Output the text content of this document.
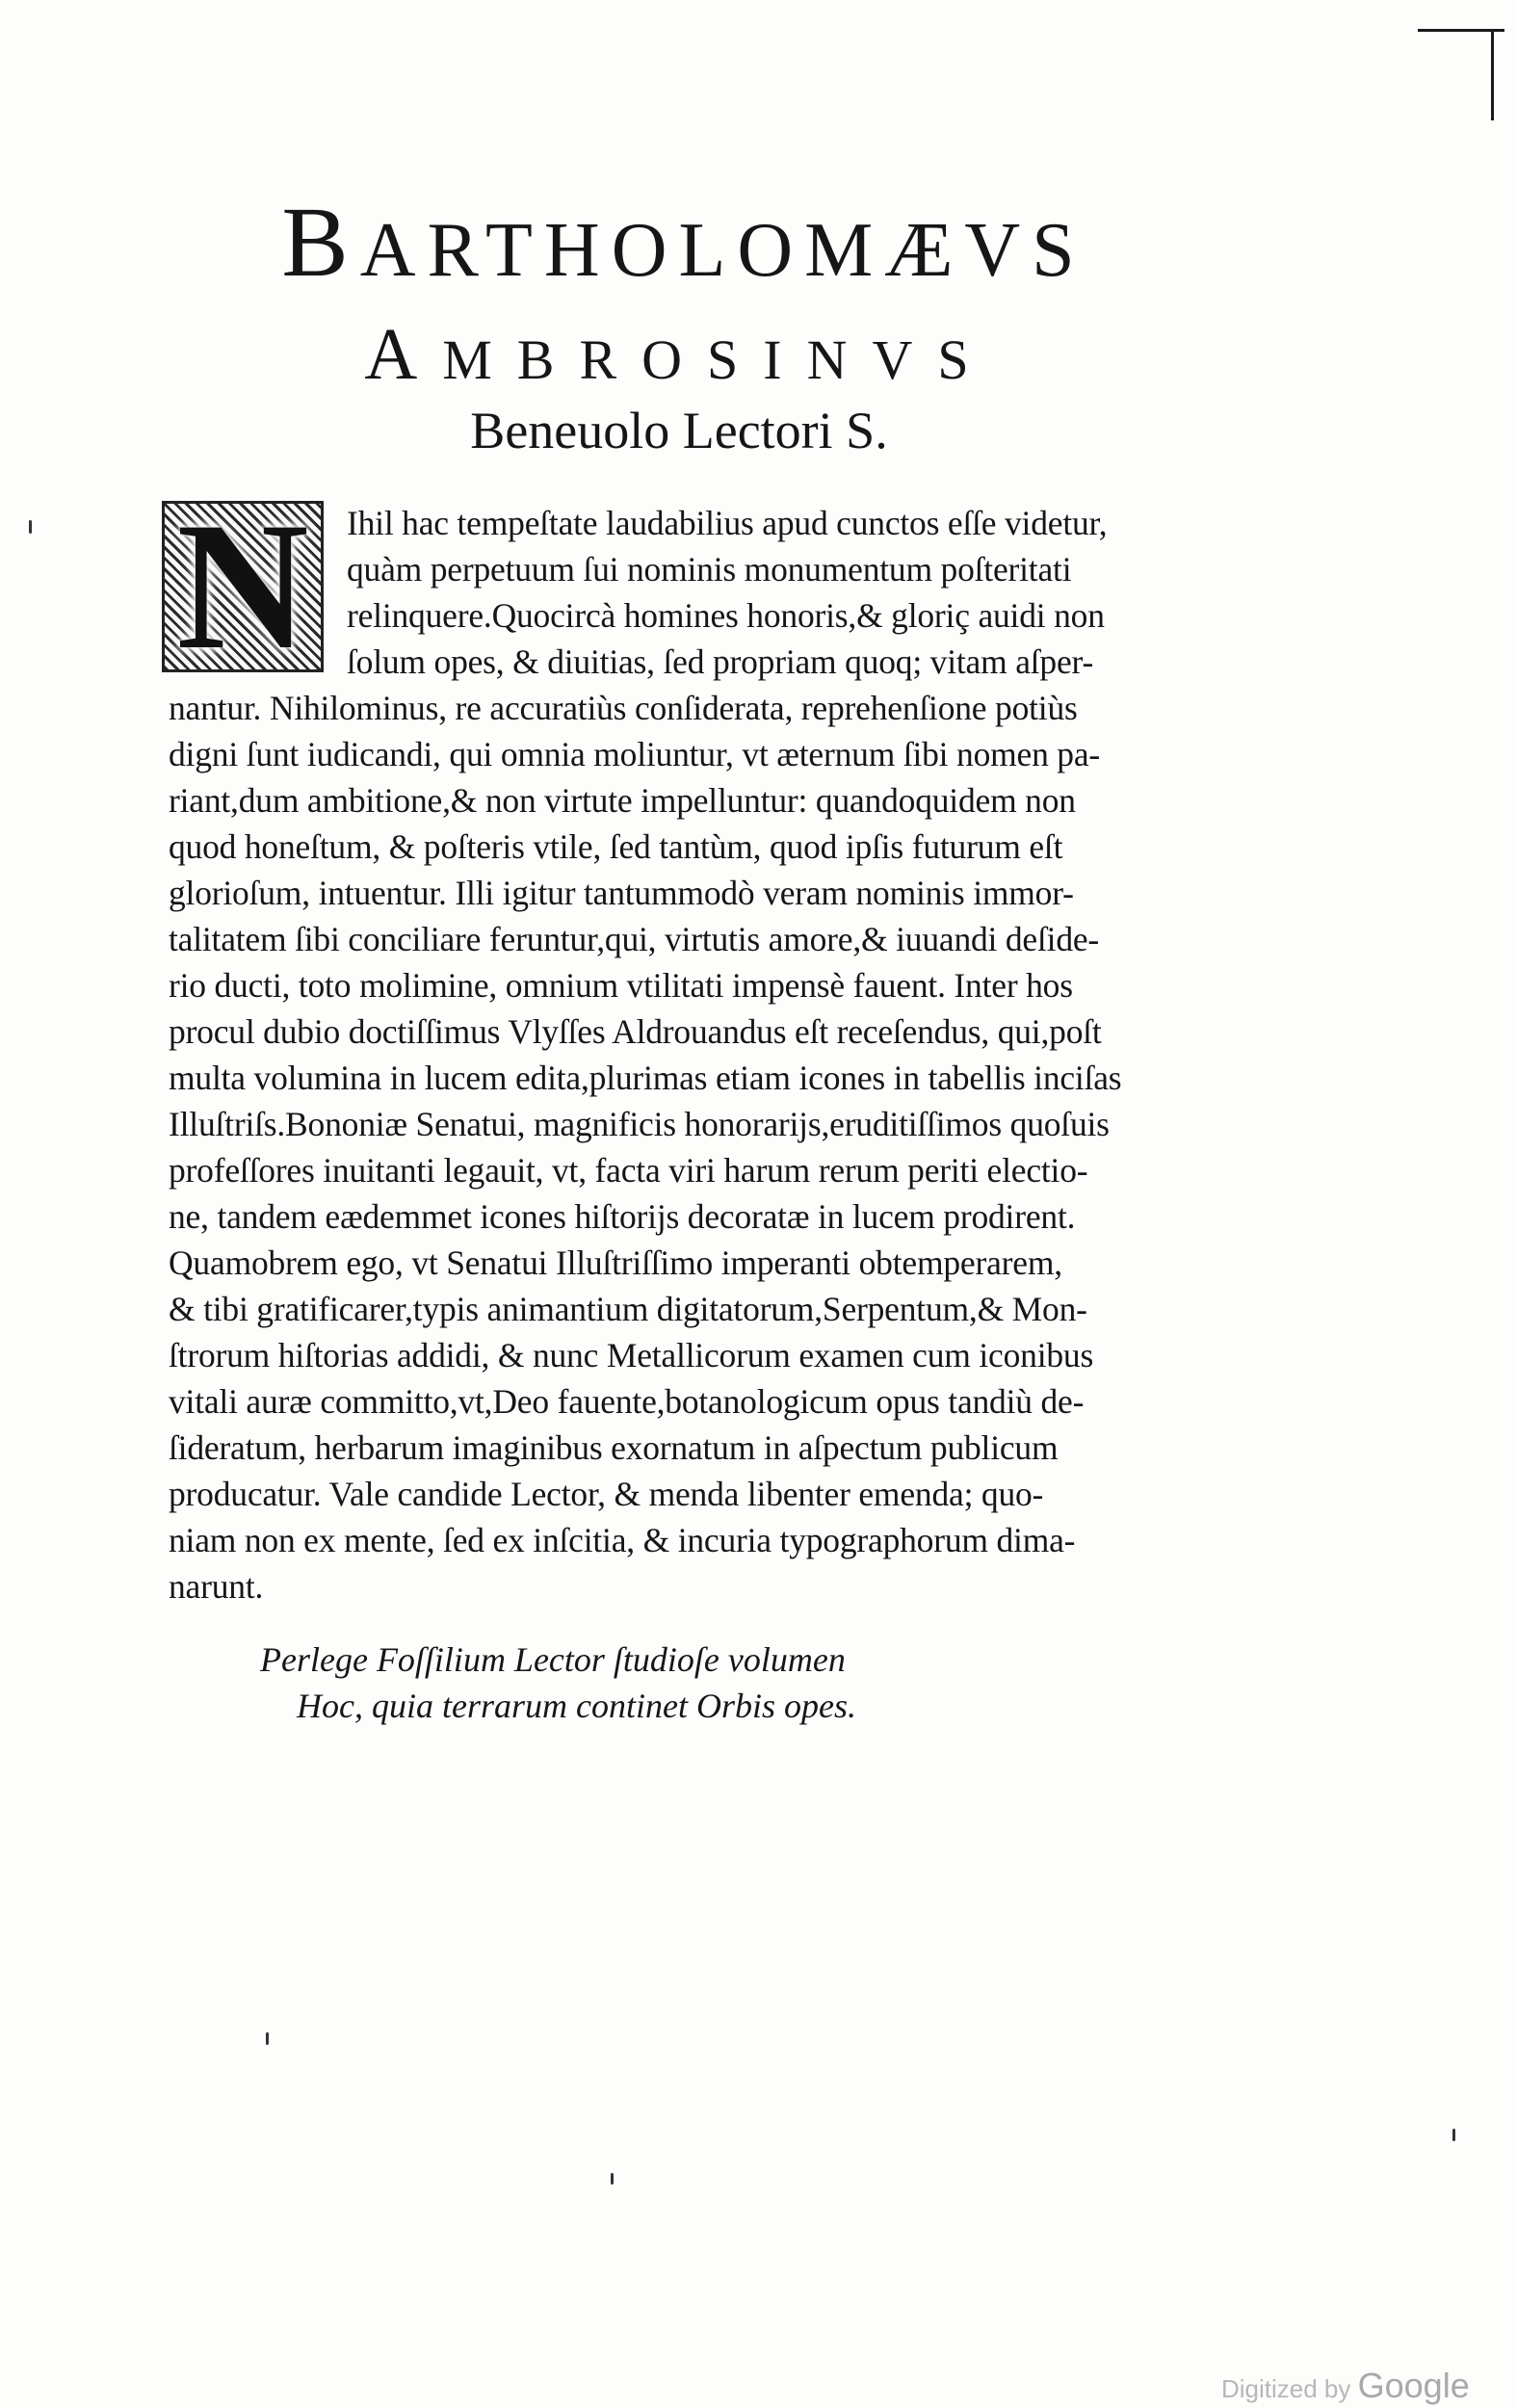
BARTHOLOMÆVS
AMBROSINVS
Beneuolo Lectori S.
N	Ihil hac tempeſtate laudabilius apud cunctos eſſe videtur,
quàm perpetuum ſui nominis monumentum poſteritati
relinquere.Quocircà homines honoris,& gloriç auidi non
ſolum opes, & diuitias, ſed propriam quoq; vitam aſper-
nantur. Nihilominus, re accuratiùs conſiderata, reprehenſione potiùs
digni ſunt iudicandi, qui omnia moliuntur, vt æternum ſibi nomen pa-
riant,dum ambitione,& non virtute impelluntur: quandoquidem non
quod honeſtum, & poſteris vtile, ſed tantùm, quod ipſis futurum eſt
glorioſum, intuentur. Illi igitur tantummodò veram nominis immor-
talitatem ſibi conciliare feruntur,qui, virtutis amore,& iuuandi deſide-
rio ducti, toto molimine, omnium vtilitati impensè fauent. Inter hos
procul dubio doctiſſimus Vlyſſes Aldrouandus eſt receſendus, qui,poſt
multa volumina in lucem edita,plurimas etiam icones in tabellis inciſas
Illuſtriſs.Bononiæ Senatui, magnificis honorarijs,eruditiſſimos quoſuis
profeſſores inuitanti legauit, vt, facta viri harum rerum periti electio-
ne, tandem eædemmet icones hiſtorijs decoratæ in lucem prodirent.
Quamobrem ego, vt Senatui Illuſtriſſimo imperanti obtemperarem,
& tibi gratificarer,typis animantium digitatorum,Serpentum,& Mon-
ſtrorum hiſtorias addidi, & nunc Metallicorum examen cum iconibus
vitali auræ committo,vt,Deo fauente,botanologicum opus tandiù de-
ſideratum, herbarum imaginibus exornatum in aſpectum publicum
producatur. Vale candide Lector, & menda libenter emenda; quo-
niam non ex mente, ſed ex inſcitia, & incuria typographorum dima-
narunt.
Perlege Foſſilium Lector ſtudioſe volumen
Hoc, quia terrarum continet Orbis opes.
Digitized by Google
